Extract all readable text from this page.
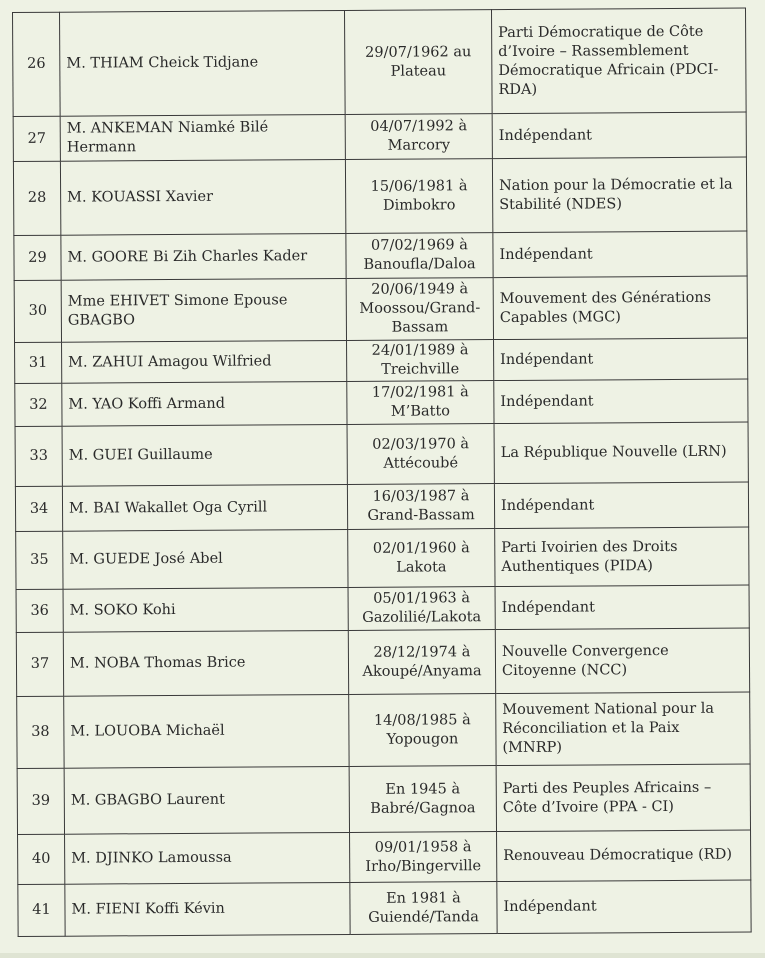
26	M. THIAM Cheick Tidjane	29/07/1962 au Plateau	Parti Démocratique de Côte d’Ivoire – Rassemblement Démocratique Africain (PDCI-RDA)
27	M. ANKEMAN Niamké Bilé Hermann	04/07/1992 à Marcory	Indépendant
28	M. KOUASSI Xavier	15/06/1981 à Dimbokro	Nation pour la Démocratie et la Stabilité (NDES)
29	M. GOORE Bi Zih Charles Kader	07/02/1969 à Banoufla/Daloa	Indépendant
30	Mme EHIVET Simone Epouse GBAGBO	20/06/1949 à Moossou/Grand-Bassam	Mouvement des Générations Capables (MGC)
31	M. ZAHUI Amagou Wilfried	24/01/1989 à Treichville	Indépendant
32	M. YAO Koffi Armand	17/02/1981 à M’Batto	Indépendant
33	M. GUEI Guillaume	02/03/1970 à Attécoubé	La République Nouvelle (LRN)
34	M. BAI Wakallet Oga Cyrill	16/03/1987 à Grand-Bassam	Indépendant
35	M. GUEDE José Abel	02/01/1960 à Lakota	Parti Ivoirien des Droits Authentiques (PIDA)
36	M. SOKO Kohi	05/01/1963 à Gazolilié/Lakota	Indépendant
37	M. NOBA Thomas Brice	28/12/1974 à Akoupé/Anyama	Nouvelle Convergence Citoyenne (NCC)
38	M. LOUOBA Michaël	14/08/1985 à Yopougon	Mouvement National pour la Réconciliation et la Paix (MNRP)
39	M. GBAGBO Laurent	En 1945 à Babré/Gagnoa	Parti des Peuples Africains – Côte d’Ivoire (PPA - CI)
40	M. DJINKO Lamoussa	09/01/1958 à Irho/Bingerville	Renouveau Démocratique (RD)
41	M. FIENI Koffi Kévin	En 1981 à Guiendé/Tanda	Indépendant
